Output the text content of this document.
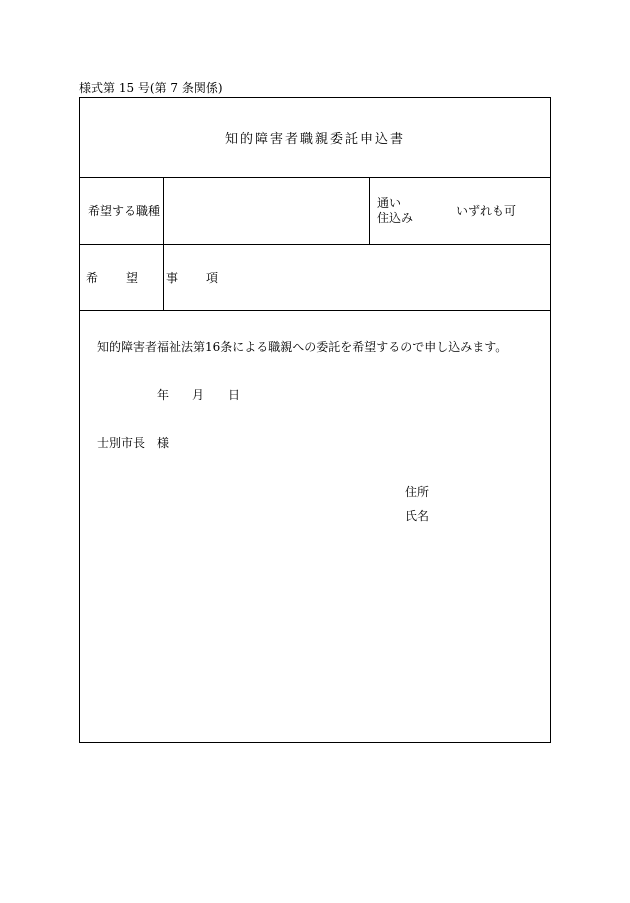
様式第 15 号(第 7 条関係)
知的障害者職親委託申込書
希望する職種
通い
住込み	いずれも可
希　望　事　項
知的障害者福祉法第16条による職親への委託を希望するので申し込みます。
年 月 日
士別市長　様
住所
氏名
